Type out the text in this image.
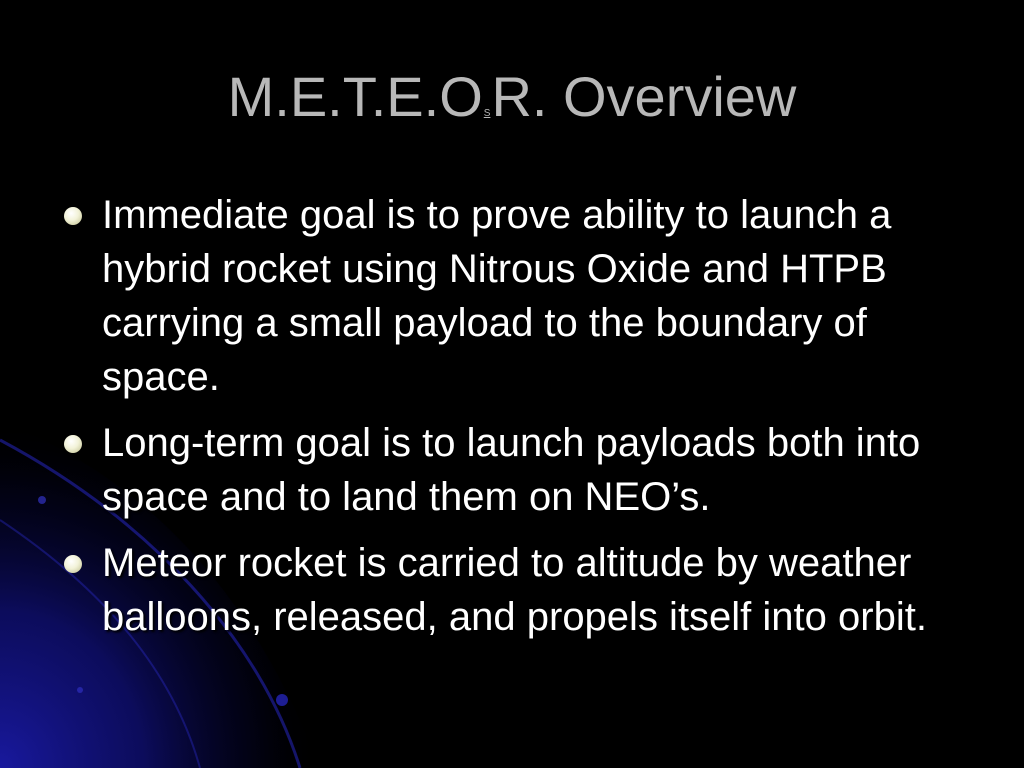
M.E.T.E.OSR. Overview
Immediate goal is to prove ability to launch a hybrid rocket using Nitrous Oxide and HTPB carrying a small payload to the boundary of space.
Long-term goal is to launch payloads both into space and to land them on NEO’s.
Meteor rocket is carried to altitude by weather balloons, released, and propels itself into orbit.
